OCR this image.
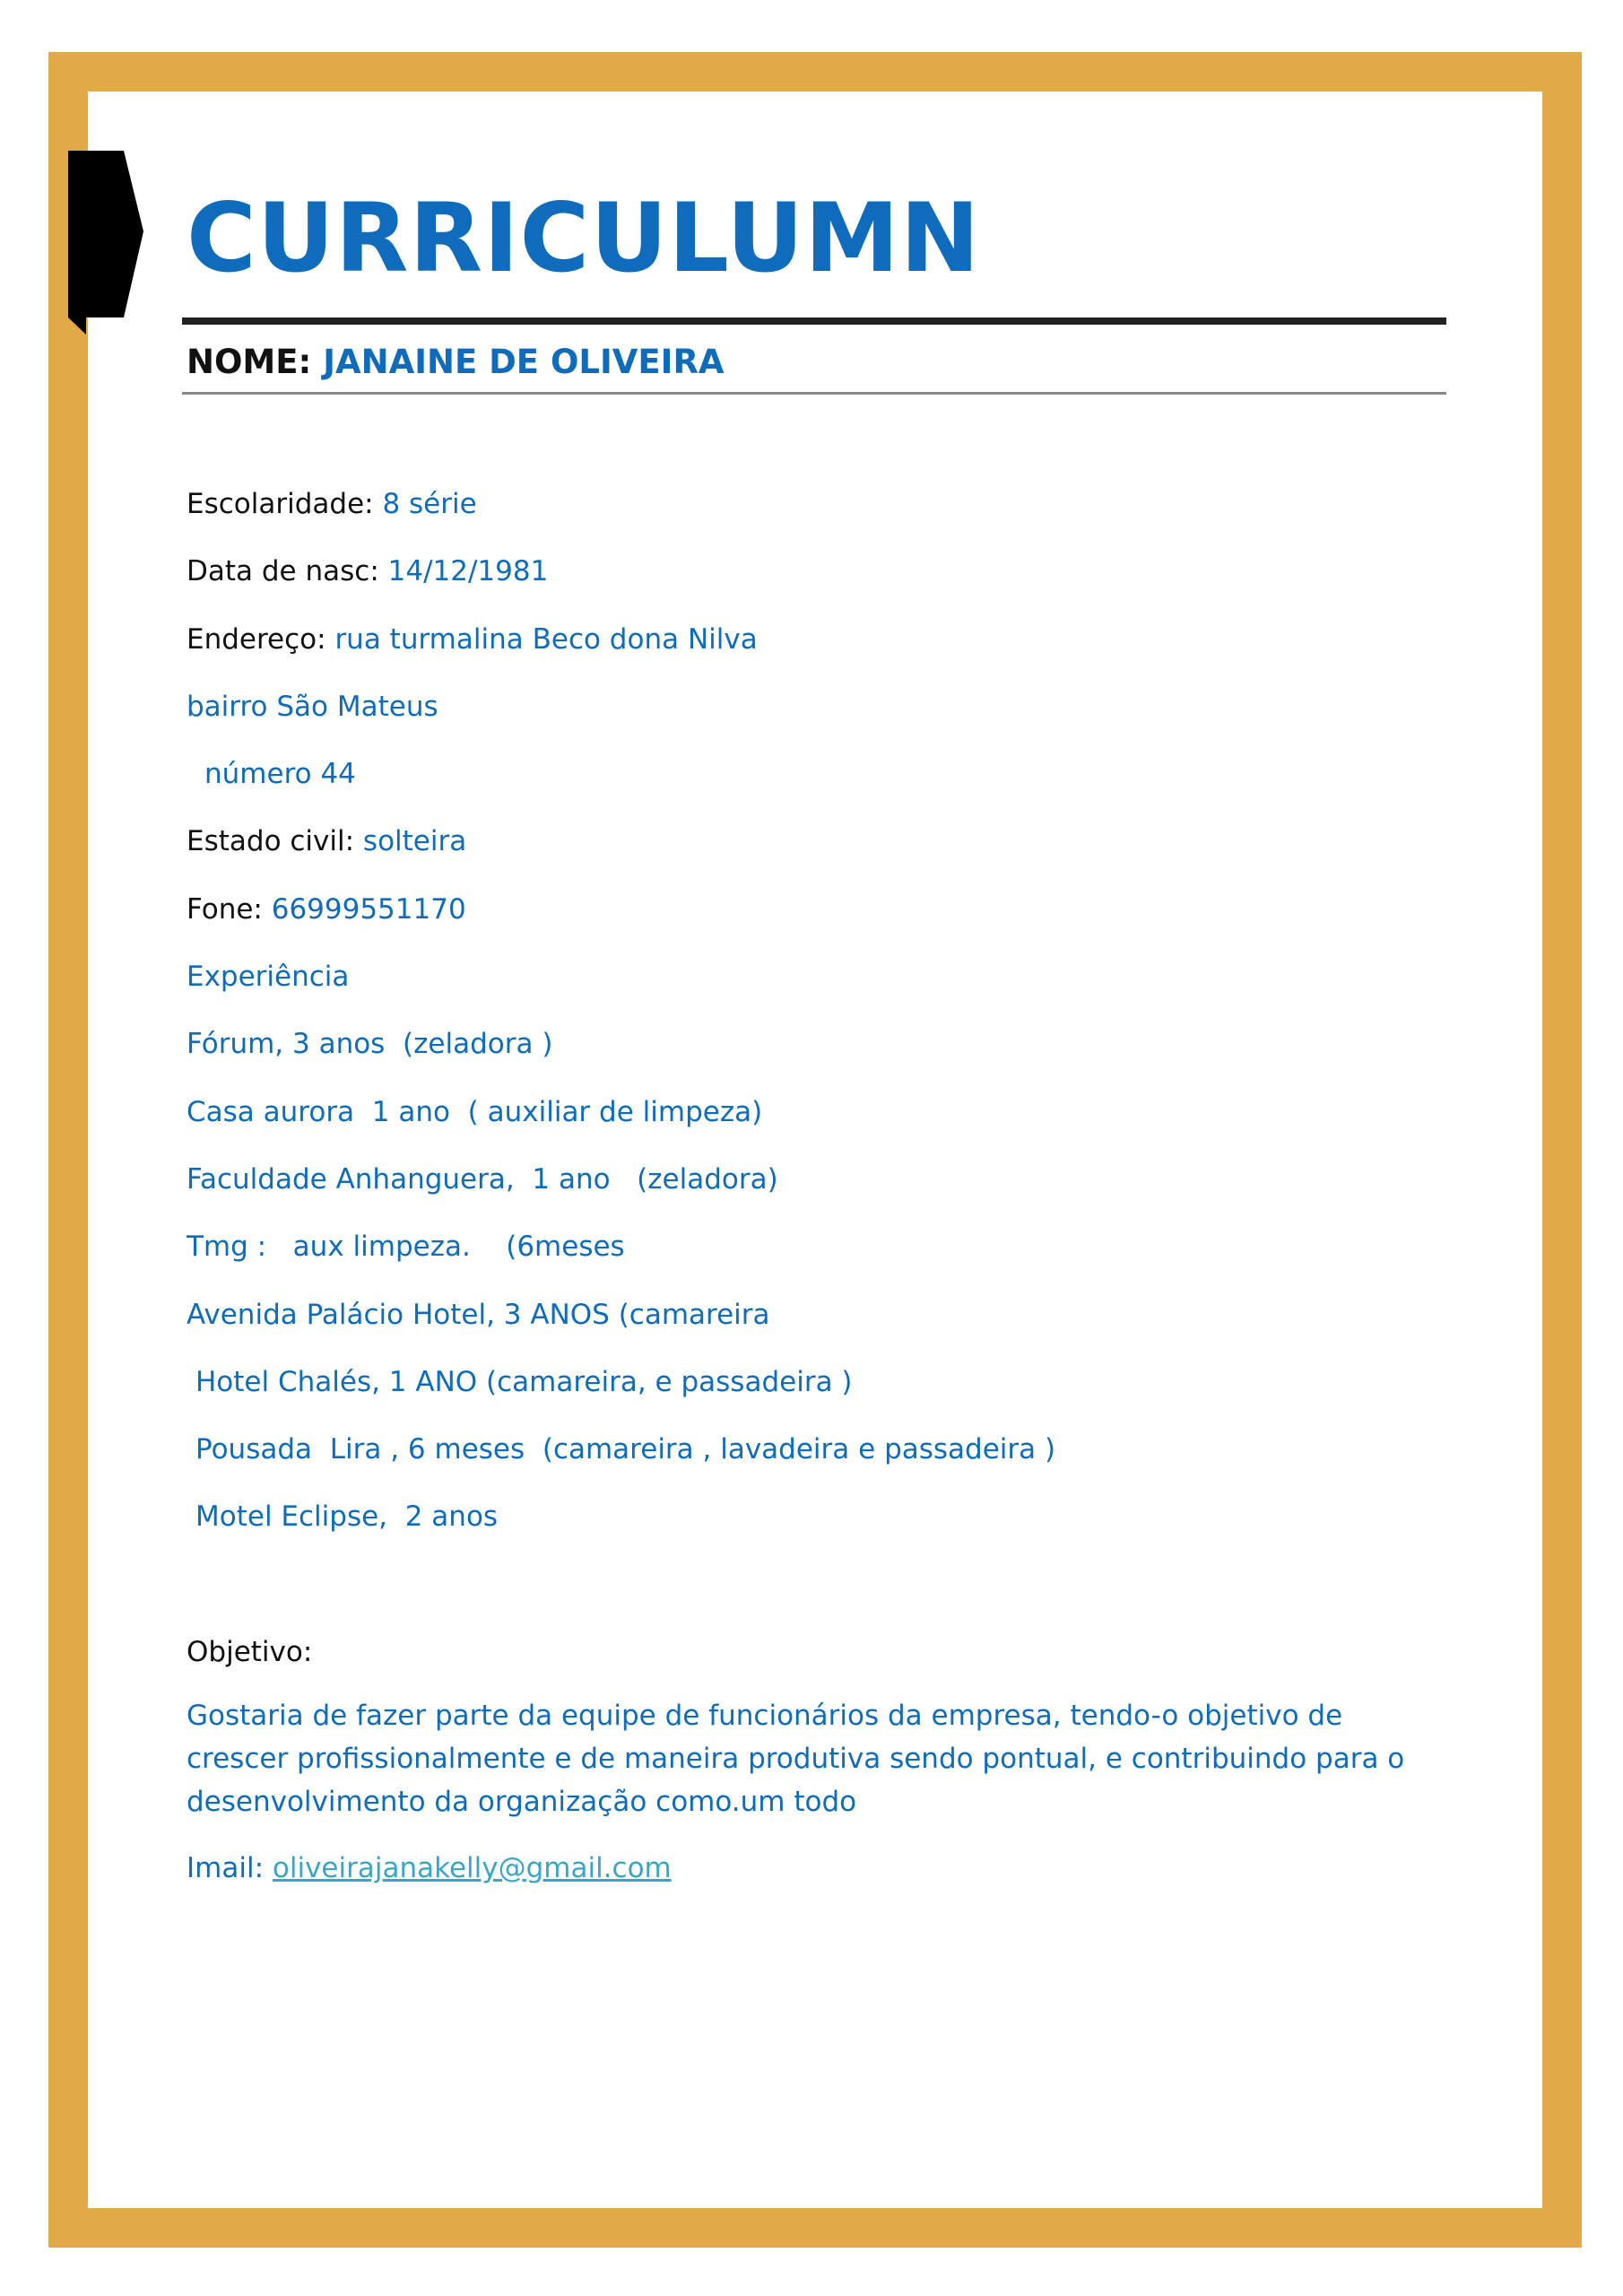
CURRICULUMN
NOME: JANAINE DE OLIVEIRA
Escolaridade: 8 série
Data de nasc: 14/12/1981
Endereço: rua turmalina Beco dona Nilva
bairro São Mateus
número 44
Estado civil: solteira
Fone: 66999551170
Experiência
Fórum, 3 anos  (zeladora )
Casa aurora  1 ano  ( auxiliar de limpeza)
Faculdade Anhanguera,  1 ano   (zeladora)
Tmg :   aux limpeza.    (6meses
Avenida Palácio Hotel, 3 ANOS (camareira
Hotel Chalés, 1 ANO (camareira, e passadeira )
Pousada  Lira , 6 meses  (camareira , lavadeira e passadeira )
Motel Eclipse,  2 anos
Objetivo:
Gostaria de fazer parte da equipe de funcionários da empresa, tendo-o objetivo de crescer profissionalmente e de maneira produtiva sendo pontual, e contribuindo para o desenvolvimento da organização como.um todo
Imail: oliveirajanakelly@gmail.com
